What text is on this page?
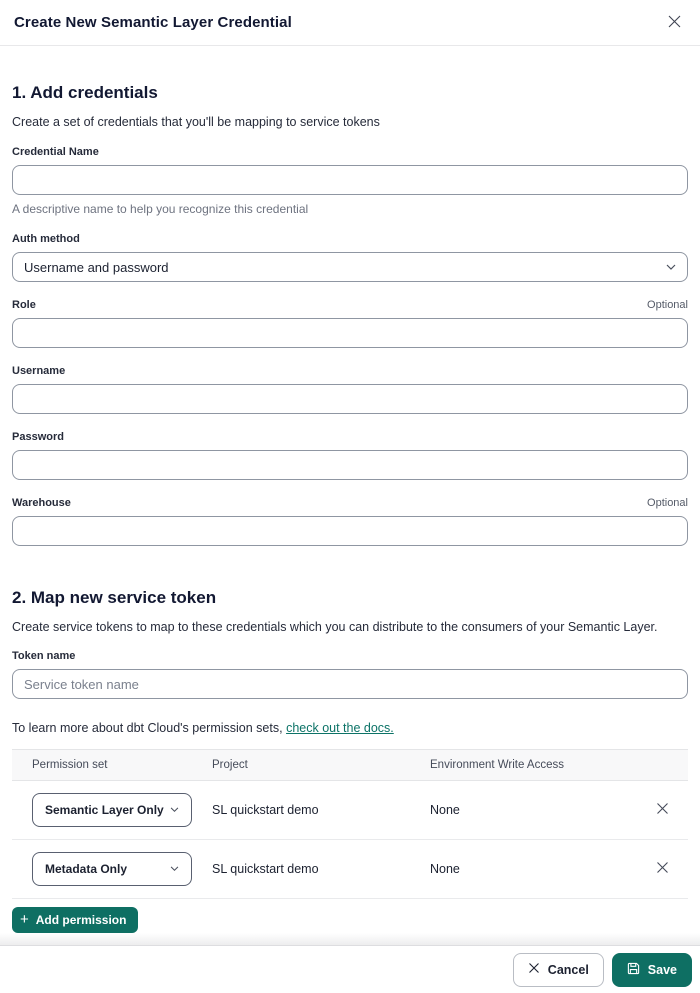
Create New Semantic Layer Credential
1. Add credentials
Create a set of credentials that you'll be mapping to service tokens
Credential Name
A descriptive name to help you recognize this credential
Auth method
Username and password
Role	Optional
Username
Password
Warehouse	Optional
2. Map new service token
Create service tokens to map to these credentials which you can distribute to the consumers of your Semantic Layer.
Token name
Service token name
To learn more about dbt Cloud's permission sets, check out the docs.
Permission set	Project	Environment Write Access
Semantic Layer Only	SL quickstart demo	None
Metadata Only	SL quickstart demo	None
+ Add permission
Cancel	Save
